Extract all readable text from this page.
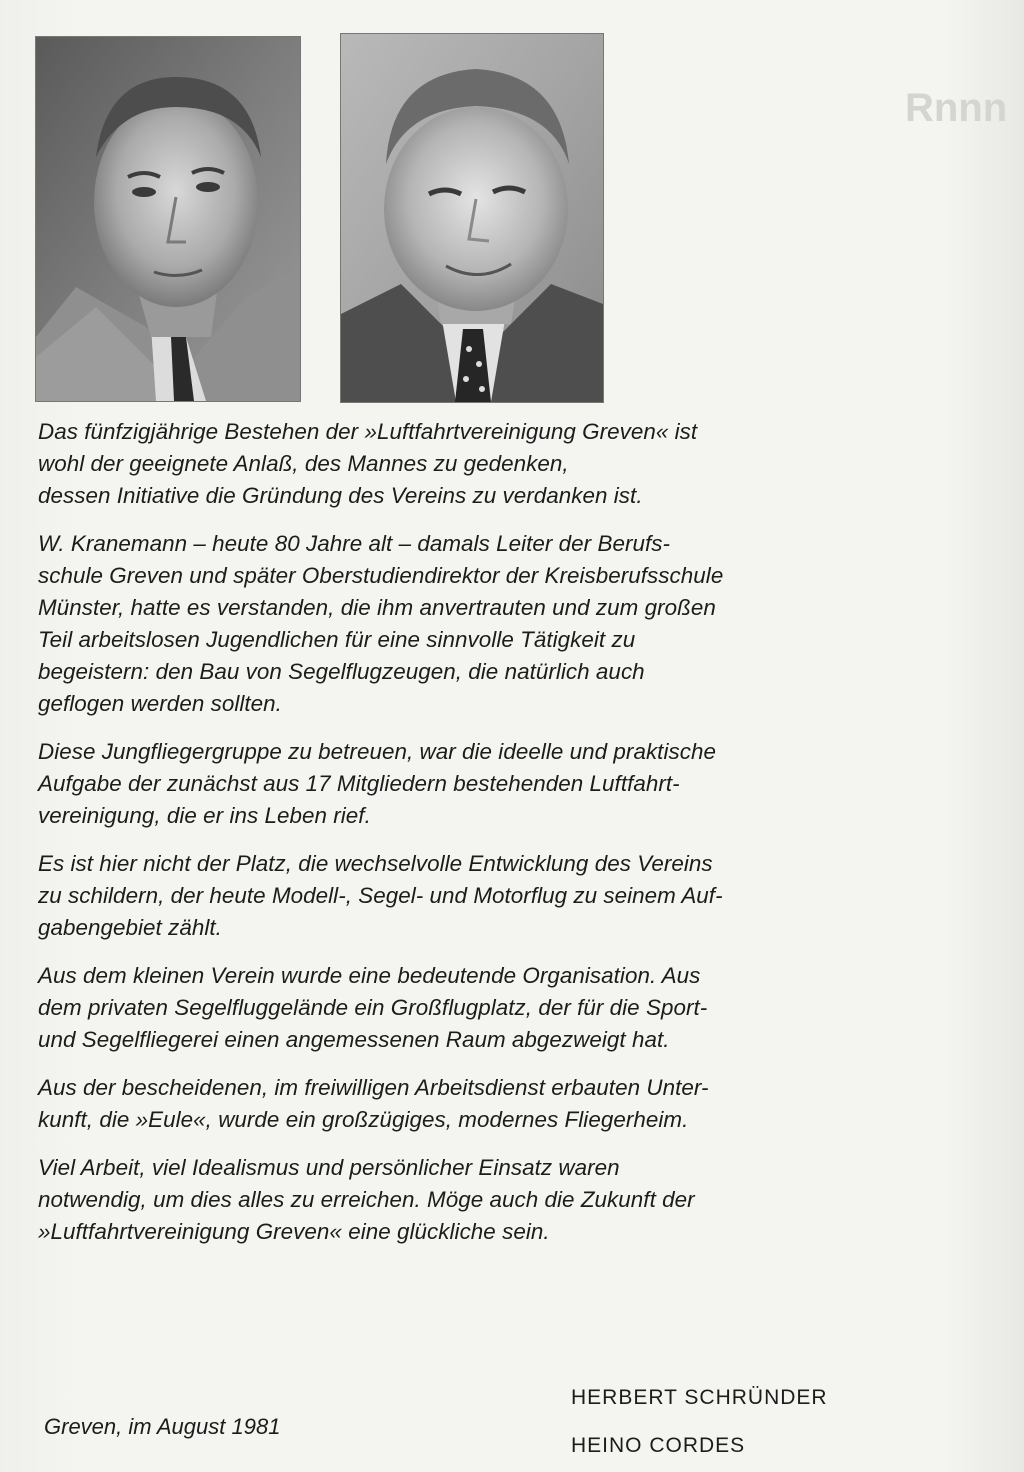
Rnnn

Das fünfzigjährige Bestehen der »Luftfahrtvereinigung Greven« ist
wohl der geeignete Anlaß, des Mannes zu gedenken,
dessen Initiative die Gründung des Vereins zu verdanken ist.

W. Kranemann – heute 80 Jahre alt – damals Leiter der Berufs-
schule Greven und später Oberstudiendirektor der Kreisberufsschule
Münster, hatte es verstanden, die ihm anvertrauten und zum großen
Teil arbeitslosen Jugendlichen für eine sinnvolle Tätigkeit zu
begeistern: den Bau von Segelflugzeugen, die natürlich auch
geflogen werden sollten.

Diese Jungfliegergruppe zu betreuen, war die ideelle und praktische
Aufgabe der zunächst aus 17 Mitgliedern bestehenden Luftfahrt-
vereinigung, die er ins Leben rief.

Es ist hier nicht der Platz, die wechselvolle Entwicklung des Vereins
zu schildern, der heute Modell-, Segel- und Motorflug zu seinem Auf-
gabengebiet zählt.

Aus dem kleinen Verein wurde eine bedeutende Organisation. Aus
dem privaten Segelfluggelände ein Großflugplatz, der für die Sport-
und Segelfliegerei einen angemessenen Raum abgezweigt hat.

Aus der bescheidenen, im freiwilligen Arbeitsdienst erbauten Unter-
kunft, die »Eule«, wurde ein großzügiges, modernes Fliegerheim.

Viel Arbeit, viel Idealismus und persönlicher Einsatz waren
notwendig, um dies alles zu erreichen. Möge auch die Zukunft der
»Luftfahrtvereinigung Greven« eine glückliche sein.

Greven, im August 1981
HERBERT SCHRÜNDER
HEINO CORDES
